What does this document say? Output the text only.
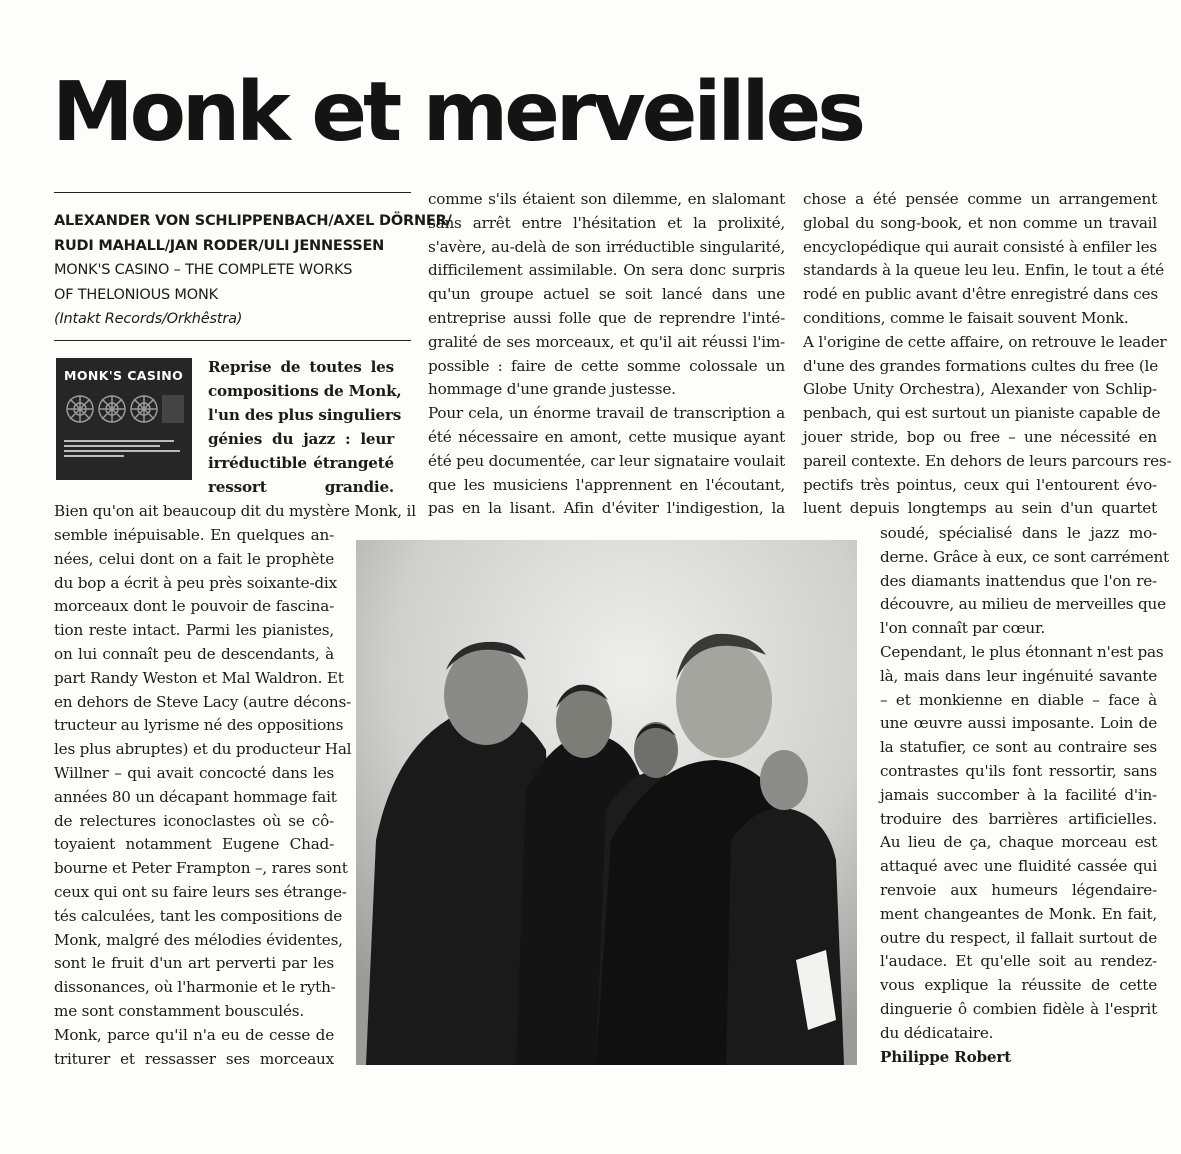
Monk et merveilles
ALEXANDER VON SCHLIPPENBACH/AXEL DÖRNER/
RUDI MAHALL/JAN RODER/ULI JENNESSEN
MONK'S CASINO – THE COMPLETE WORKS
OF THELONIOUS MONK
(Intakt Records/Orkhêstra)
MONK'S CASINO Reprise de toutes les
compositions de Monk,
l'un des plus singuliers
génies du jazz : leur
irréductible étrangeté
ressort grandie.
Bien qu'on ait beaucoup dit du mystère Monk, il
semble inépuisable. En quelques an-
nées, celui dont on a fait le prophète
du bop a écrit à peu près soixante-dix
morceaux dont le pouvoir de fascina-
tion reste intact. Parmi les pianistes,
on lui connaît peu de descendants, à
part Randy Weston et Mal Waldron. Et
en dehors de Steve Lacy (autre décons-
tructeur au lyrisme né des oppositions
les plus abruptes) et du producteur Hal
Willner – qui avait concocté dans les
années 80 un décapant hommage fait
de relectures iconoclastes où se cô-
toyaient notamment Eugene Chad-
bourne et Peter Frampton –, rares sont
ceux qui ont su faire leurs ses étrange-
tés calculées, tant les compositions de
Monk, malgré des mélodies évidentes,
sont le fruit d'un art perverti par les
dissonances, où l'harmonie et le ryth-
me sont constamment bousculés.
Monk, parce qu'il n'a eu de cesse de
triturer et ressasser ses morceaux
comme s'ils étaient son dilemme, en slalomant
sans arrêt entre l'hésitation et la prolixité,
s'avère, au-delà de son irréductible singularité,
difficilement assimilable. On sera donc surpris
qu'un groupe actuel se soit lancé dans une
entreprise aussi folle que de reprendre l'inté-
gralité de ses morceaux, et qu'il ait réussi l'im-
possible : faire de cette somme colossale un
hommage d'une grande justesse.
Pour cela, un énorme travail de transcription a
été nécessaire en amont, cette musique ayant
été peu documentée, car leur signataire voulait
que les musiciens l'apprennent en l'écoutant,
pas en la lisant. Afin d'éviter l'indigestion, la
chose a été pensée comme un arrangement
global du song-book, et non comme un travail
encyclopédique qui aurait consisté à enfiler les
standards à la queue leu leu. Enfin, le tout a été
rodé en public avant d'être enregistré dans ces
conditions, comme le faisait souvent Monk.
A l'origine de cette affaire, on retrouve le leader
d'une des grandes formations cultes du free (le
Globe Unity Orchestra), Alexander von Schlip-
penbach, qui est surtout un pianiste capable de
jouer stride, bop ou free – une nécessité en
pareil contexte. En dehors de leurs parcours res-
pectifs très pointus, ceux qui l'entourent évo-
luent depuis longtemps au sein d'un quartet
soudé, spécialisé dans le jazz mo-
derne. Grâce à eux, ce sont carrément
des diamants inattendus que l'on re-
découvre, au milieu de merveilles que
l'on connaît par cœur.
Cependant, le plus étonnant n'est pas
là, mais dans leur ingénuité savante
– et monkienne en diable – face à
une œuvre aussi imposante. Loin de
la statufier, ce sont au contraire ses
contrastes qu'ils font ressortir, sans
jamais succomber à la facilité d'in-
troduire des barrières artificielles.
Au lieu de ça, chaque morceau est
attaqué avec une fluidité cassée qui
renvoie aux humeurs légendaire-
ment changeantes de Monk. En fait,
outre du respect, il fallait surtout de
l'audace. Et qu'elle soit au rendez-
vous explique la réussite de cette
dinguerie ô combien fidèle à l'esprit
du dédicataire.
Philippe Robert
